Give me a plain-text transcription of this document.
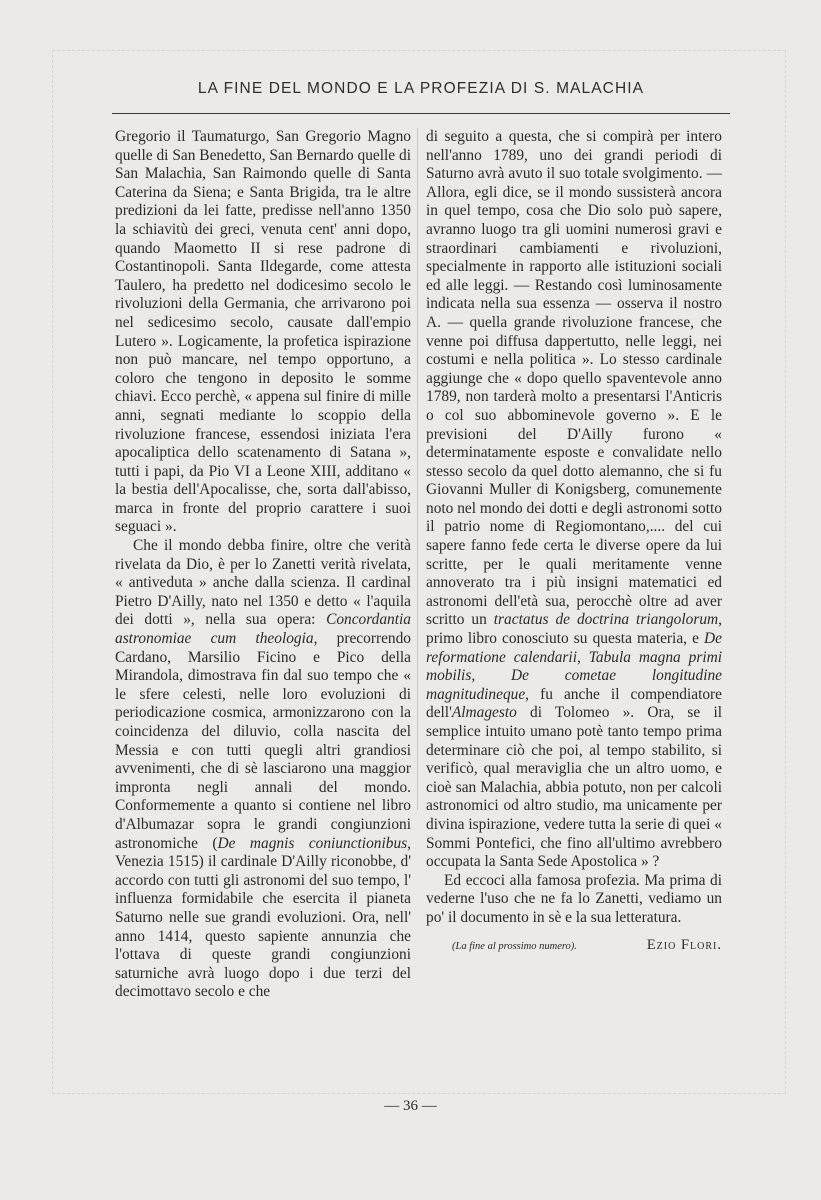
LA FINE DEL MONDO E LA PROFEZIA DI S. MALACHIA

Gregorio il Taumaturgo, San Gregorio Magno quelle di San Benedetto, San Bernardo quelle di San Malachia, San Raimondo quelle di Santa Caterina da Siena; e Santa Brigida, tra le altre predizioni da lei fatte, predisse nell'anno 1350 la schiavitù dei greci, venuta cent' anni dopo, quando Maometto II si rese padrone di Costantinopoli. Santa Ildegarde, come attesta Taulero, ha predetto nel dodicesimo secolo le rivoluzioni della Germania, che arrivarono poi nel sedicesimo secolo, causate dall'empio Lutero ». Logicamente, la profetica ispirazione non può mancare, nel tempo opportuno, a coloro che tengono in deposito le somme chiavi. Ecco perchè, « appena sul finire di mille anni, segnati mediante lo scoppio della rivoluzione francese, essendosi iniziata l'era apocaliptica dello scatenamento di Satana », tutti i papi, da Pio VI a Leone XIII, additano « la bestia dell'Apocalisse, che, sorta dall'abisso, marca in fronte del proprio carattere i suoi seguaci ».

Che il mondo debba finire, oltre che verità rivelata da Dio, è per lo Zanetti verità rivelata, « antiveduta » anche dalla scienza. Il cardinal Pietro D'Ailly, nato nel 1350 e detto « l'aquila dei dotti », nella sua opera: Concordantia astronomiae cum theologia, precorrendo Cardano, Marsilio Ficino e Pico della Mirandola, dimostrava fin dal suo tempo che « le sfere celesti, nelle loro evoluzioni di periodicazione cosmica, armonizzarono con la coincidenza del diluvio, colla nascita del Messia e con tutti quegli altri grandiosi avvenimenti, che di sè lasciarono una maggior impronta negli annali del mondo. Conformemente a quanto si contiene nel libro d'Albumazar sopra le grandi congiunzioni astronomiche (De magnis coniunctionibus, Venezia 1515) il cardinale D'Ailly riconobbe, d' accordo con tutti gli astronomi del suo tempo, l' influenza formidabile che esercita il pianeta Saturno nelle sue grandi evoluzioni. Ora, nell' anno 1414, questo sapiente annunzia che l'ottava di queste grandi congiunzioni saturniche avrà luogo dopo i due terzi del decimottavo secolo e che

di seguito a questa, che si compirà per intero nell'anno 1789, uno dei grandi periodi di Saturno avrà avuto il suo totale svolgimento. — Allora, egli dice, se il mondo sussisterà ancora in quel tempo, cosa che Dio solo può sapere, avranno luogo tra gli uomini numerosi gravi e straordinari cambiamenti e rivoluzioni, specialmente in rapporto alle istituzioni sociali ed alle leggi. — Restando così luminosamente indicata nella sua essenza — osserva il nostro A. — quella grande rivoluzione francese, che venne poi diffusa dappertutto, nelle leggi, nei costumi e nella politica ». Lo stesso cardinale aggiunge che « dopo quello spaventevole anno 1789, non tarderà molto a presentarsi l'Anticris o col suo abbominevole governo ». E le previsioni del D'Ailly furono « determinatamente esposte e convalidate nello stesso secolo da quel dotto alemanno, che si fu Giovanni Muller di Konigsberg, comunemente noto nel mondo dei dotti e degli astronomi sotto il patrio nome di Regiomontano,.... del cui sapere fanno fede certa le diverse opere da lui scritte, per le quali meritamente venne annoverato tra i più insigni matematici ed astronomi dell'età sua, perocchè oltre ad aver scritto un tractatus de doctrina triangolorum, primo libro conosciuto su questa materia, e De reformatione calendarii, Tabula magna primi mobilis, De cometae longitudine magnitudineque, fu anche il compendiatore dell'Almagesto di Tolomeo ». Ora, se il semplice intuito umano potè tanto tempo prima determinare ciò che poi, al tempo stabilito, si verificò, qual meraviglia che un altro uomo, e cioè san Malachia, abbia potuto, non per calcoli astronomici od altro studio, ma unicamente per divina ispirazione, vedere tutta la serie di quei « Sommi Pontefici, che fino all'ultimo avrebbero occupata la Santa Sede Apostolica » ?

Ed eccoci alla famosa profezia. Ma prima di vederne l'uso che ne fa lo Zanetti, vediamo un po' il documento in sè e la sua letteratura.

(La fine al prossimo numero).	Ezio Flori.
— 36 —
